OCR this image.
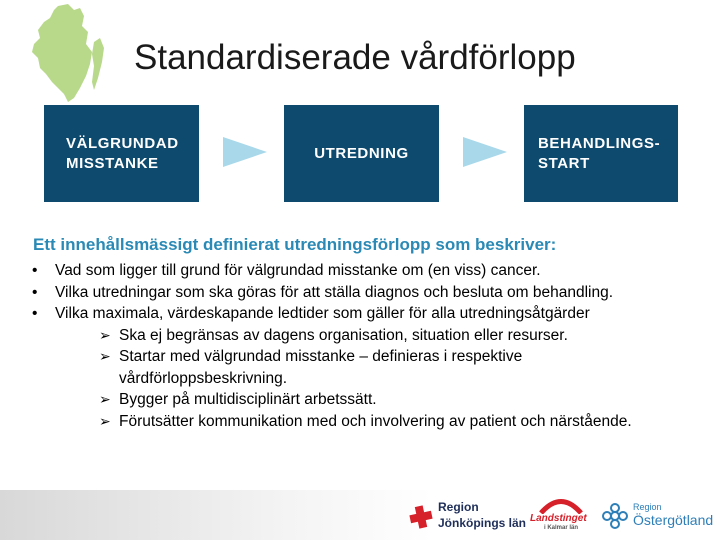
Standardiserade vårdförlopp
VÄLGRUNDAD
MISSTANKE
UTREDNING
BEHANDLINGS-
START
Ett innehållsmässigt definierat utredningsförlopp som beskriver:
• Vad som ligger till grund för välgrundad misstanke om (en viss) cancer.
• Vilka utredningar som ska göras för att ställa diagnos och besluta om behandling.
• Vilka maximala, värdeskapande ledtider som gäller för alla utredningsåtgärder
➢ Ska ej begränsas av dagens organisation, situation eller resurser.
➢ Startar med välgrundad misstanke – definieras i respektive vårdförloppsbeskrivning.
➢ Bygger på multidisciplinärt arbetssätt.
➢ Förutsätter kommunikation med och involvering av patient och närstående.
Region
Jönköpings län Landstinget
i Kalmar län
Region
Östergötland
